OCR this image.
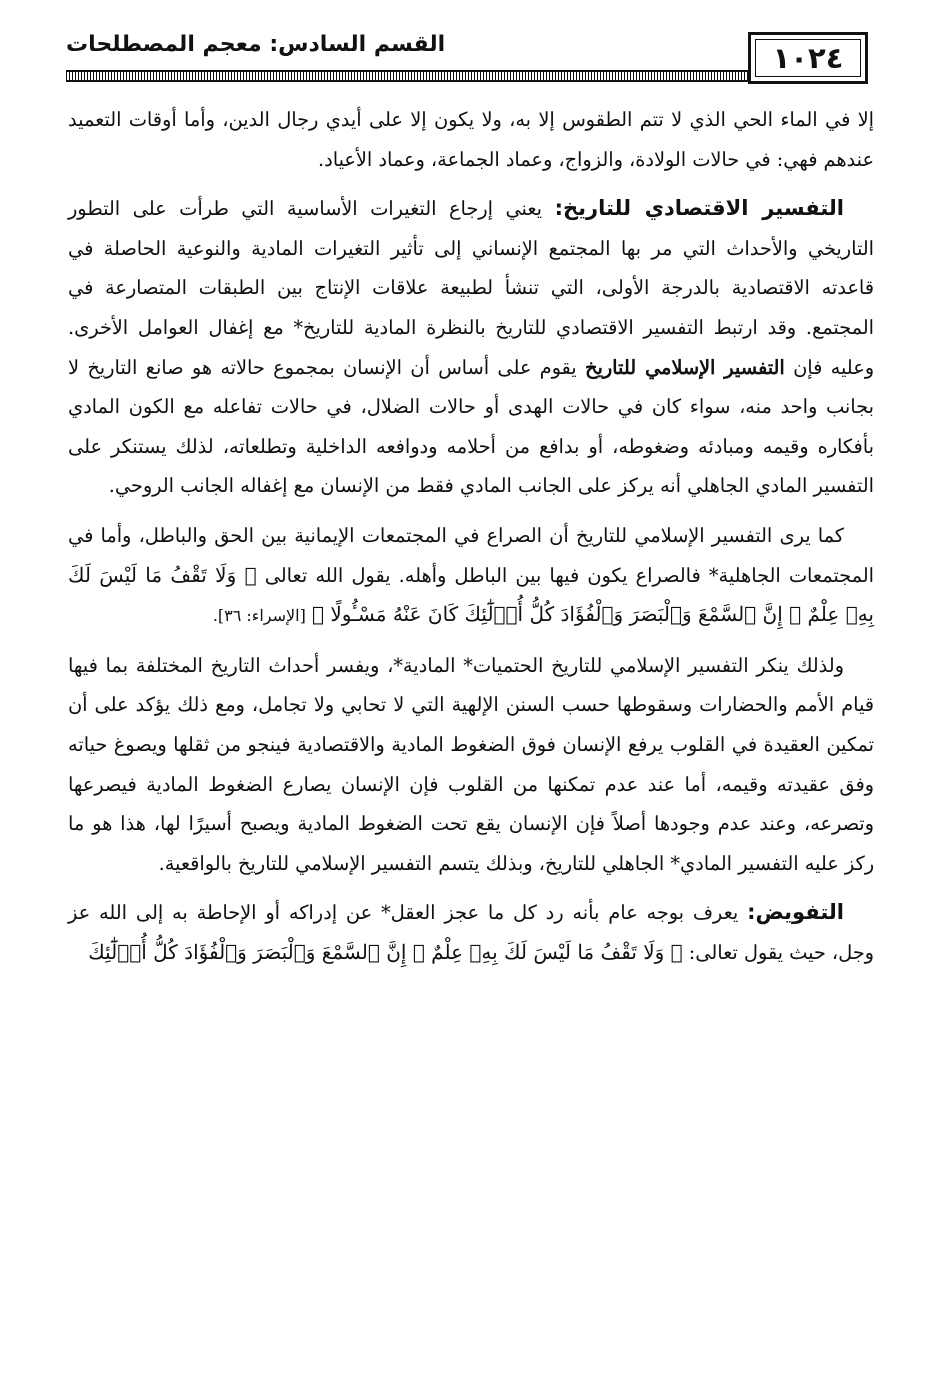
القسم السادس: معجم المصطلحات	١٠٢٤

إلا في الماء الحي الذي لا تتم الطقوس إلا به، ولا يكون إلا على أيدي رجال الدين، وأما أوقات التعميد عندهم فهي: في حالات الولادة، والزواج، وعماد الجماعة، وعماد الأعياد.

التفسير الاقتصادي للتاريخ: يعني إرجاع التغيرات الأساسية التي طرأت على التطور التاريخي والأحداث التي مر بها المجتمع الإنساني إلى تأثير التغيرات المادية والنوعية الحاصلة في قاعدته الاقتصادية بالدرجة الأولى، التي تنشأ لطبيعة علاقات الإنتاج بين الطبقات المتصارعة في المجتمع. وقد ارتبط التفسير الاقتصادي للتاريخ بالنظرة المادية للتاريخ* مع إغفال العوامل الأخرى. وعليه فإن التفسير الإسلامي للتاريخ يقوم على أساس أن الإنسان بمجموع حالاته هو صانع التاريخ لا بجانب واحد منه، سواء كان في حالات الهدى أو حالات الضلال، في حالات تفاعله مع الكون المادي بأفكاره وقيمه ومبادئه وضغوطه، أو بدافع من أحلامه ودوافعه الداخلية وتطلعاته، لذلك يستنكر على التفسير المادي الجاهلي أنه يركز على الجانب المادي فقط من الإنسان مع إغفاله الجانب الروحي.

كما يرى التفسير الإسلامي للتاريخ أن الصراع في المجتمعات الإيمانية بين الحق والباطل، وأما في المجتمعات الجاهلية* فالصراع يكون فيها بين الباطل وأهله. يقول الله تعالى ﴿ وَلَا تَقْفُ مَا لَيْسَ لَكَ بِهِۦ عِلْمٌ ۚ إِنَّ ٱلسَّمْعَ وَٱلْبَصَرَ وَٱلْفُؤَادَ كُلُّ أُو۟لَٰٓئِكَ كَانَ عَنْهُ مَسْـُٔولًا ﴾ [الإسراء: ٣٦].

ولذلك ينكر التفسير الإسلامي للتاريخ الحتميات* المادية*، ويفسر أحداث التاريخ المختلفة بما فيها قيام الأمم والحضارات وسقوطها حسب السنن الإلهية التي لا تحابي ولا تجامل، ومع ذلك يؤكد على أن تمكين العقيدة في القلوب يرفع الإنسان فوق الضغوط المادية والاقتصادية فينجو من ثقلها ويصوغ حياته وفق عقيدته وقيمه، أما عند عدم تمكنها من القلوب فإن الإنسان يصارع الضغوط المادية فيصرعها وتصرعه، وعند عدم وجودها أصلاً فإن الإنسان يقع تحت الضغوط المادية ويصبح أسيرًا لها، هذا هو ما ركز عليه التفسير المادي* الجاهلي للتاريخ، وبذلك يتسم التفسير الإسلامي للتاريخ بالواقعية.

التفويض: يعرف بوجه عام بأنه رد كل ما عجز العقل* عن إدراكه أو الإحاطة به إلى الله عز وجل، حيث يقول تعالى: ﴿ وَلَا تَقْفُ مَا لَيْسَ لَكَ بِهِۦ عِلْمٌ ۚ إِنَّ ٱلسَّمْعَ وَٱلْبَصَرَ وَٱلْفُؤَادَ كُلُّ أُو۟لَٰٓئِكَ
